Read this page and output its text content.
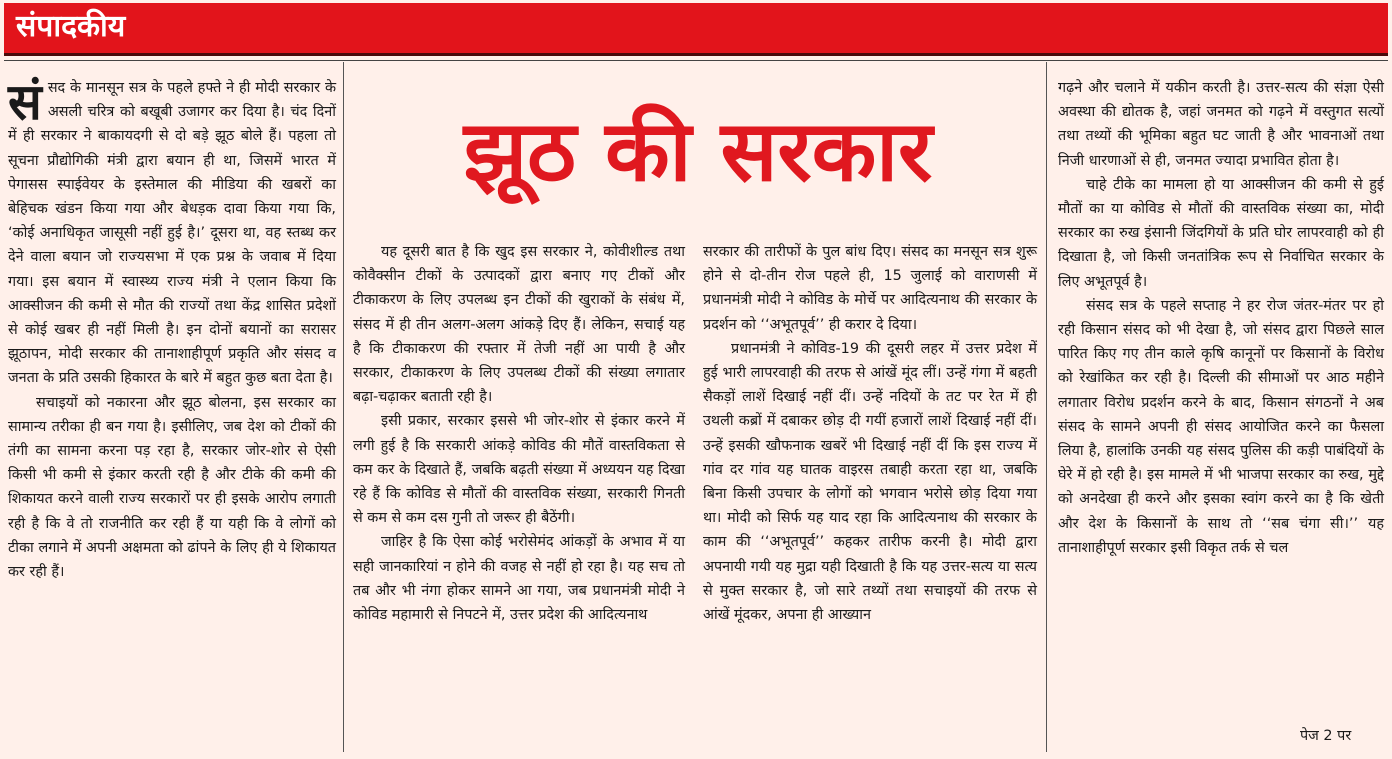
संपादकीय
झूठ की सरकार

संसद के मानसून सत्र के पहले हफ्ते ने ही मोदी सरकार के असली चरित्र को बखूबी उजागर कर दिया है। चंद दिनों में ही सरकार ने बाकायदगी से दो बड़े झूठ बोले हैं। पहला तो सूचना प्रौद्योगिकी मंत्री द्वारा बयान ही था, जिसमें भारत में पेगासस स्पाईवेयर के इस्तेमाल की मीडिया की खबरों का बेहिचक खंडन किया गया और बेधड़क दावा किया गया कि, ‘कोई अनाधिकृत जासूसी नहीं हुई है।’ दूसरा था, वह स्तब्ध कर देने वाला बयान जो राज्यसभा में एक प्रश्न के जवाब में दिया गया। इस बयान में स्वास्थ्य राज्य मंत्री ने एलान किया कि आक्सीजन की कमी से मौत की राज्यों तथा केंद्र शासित प्रदेशों से कोई खबर ही नहीं मिली है। इन दोनों बयानों का सरासर झूठापन, मोदी सरकार की तानाशाहीपूर्ण प्रकृति और संसद व जनता के प्रति उसकी हिकारत के बारे में बहुत कुछ बता देता है।

सचाइयों को नकारना और झूठ बोलना, इस सरकार का सामान्य तरीका ही बन गया है। इसीलिए, जब देश को टीकों की तंगी का सामना करना पड़ रहा है, सरकार जोर-शोर से ऐसी किसी भी कमी से इंकार करती रही है और टीके की कमी की शिकायत करने वाली राज्य सरकारों पर ही इसके आरोप लगाती रही है कि वे तो राजनीति कर रही हैं या यही कि वे लोगों को टीका लगाने में अपनी अक्षमता को ढांपने के लिए ही ये शिकायत कर रही हैं।

यह दूसरी बात है कि खुद इस सरकार ने, कोवीशील्ड तथा कोवैक्सीन टीकों के उत्पादकों द्वारा बनाए गए टीकों और टीकाकरण के लिए उपलब्ध इन टीकों की खुराकों के संबंध में, संसद में ही तीन अलग-अलग आंकड़े दिए हैं। लेकिन, सचाई यह है कि टीकाकरण की रफ्तार में तेजी नहीं आ पायी है और सरकार, टीकाकरण के लिए उपलब्ध टीकों की संख्या लगातार बढ़ा-चढ़ाकर बताती रही है।

इसी प्रकार, सरकार इससे भी जोर-शोर से इंकार करने में लगी हुई है कि सरकारी आंकड़े कोविड की मौतें वास्तविकता से कम कर के दिखाते हैं, जबकि बढ़ती संख्या में अध्ययन यह दिखा रहे हैं कि कोविड से मौतों की वास्तविक संख्या, सरकारी गिनती से कम से कम दस गुनी तो जरूर ही बैठेंगी।

जाहिर है कि ऐसा कोई भरोसेमंद आंकड़ों के अभाव में या सही जानकारियां न होने की वजह से नहीं हो रहा है। यह सच तो तब और भी नंगा होकर सामने आ गया, जब प्रधानमंत्री मोदी ने कोविड महामारी से निपटने में, उत्तर प्रदेश की आदित्यनाथ

सरकार की तारीफों के पुल बांध दिए। संसद का मनसून सत्र शुरू होने से दो-तीन रोज पहले ही, 15 जुलाई को वाराणसी में प्रधानमंत्री मोदी ने कोविड के मोर्चे पर आदित्यनाथ की सरकार के प्रदर्शन को ‘‘अभूतपूर्व’’ ही करार दे दिया।

प्रधानमंत्री ने कोविड-19 की दूसरी लहर में उत्तर प्रदेश में हुई भारी लापरवाही की तरफ से आंखें मूंद लीं। उन्हें गंगा में बहती सैकड़ों लाशें दिखाई नहीं दीं। उन्हें नदियों के तट पर रेत में ही उथली कब्रों में दबाकर छोड़ दी गयीं हजारों लाशें दिखाई नहीं दीं। उन्हें इसकी खौफनाक खबरें भी दिखाई नहीं दीं कि इस राज्य में गांव दर गांव यह घातक वाइरस तबाही करता रहा था, जबकि बिना किसी उपचार के लोगों को भगवान भरोसे छोड़ दिया गया था। मोदी को सिर्फ यह याद रहा कि आदित्यनाथ की सरकार के काम की ‘‘अभूतपूर्व’’ कहकर तारीफ करनी है। मोदी द्वारा अपनायी गयी यह मुद्रा यही दिखाती है कि यह उत्तर-सत्य या सत्य से मुक्त सरकार है, जो सारे तथ्यों तथा सचाइयों की तरफ से आंखें मूंदकर, अपना ही आख्यान

गढ़ने और चलाने में यकीन करती है। उत्तर-सत्य की संज्ञा ऐसी अवस्था की द्योतक है, जहां जनमत को गढ़ने में वस्तुगत सत्यों तथा तथ्यों की भूमिका बहुत घट जाती है और भावनाओं तथा निजी धारणाओं से ही, जनमत ज्यादा प्रभावित होता है।

चाहे टीके का मामला हो या आक्सीजन की कमी से हुई मौतों का या कोविड से मौतों की वास्तविक संख्या का, मोदी सरकार का रुख इंसानी जिंदगियों के प्रति घोर लापरवाही को ही दिखाता है, जो किसी जनतांत्रिक रूप से निर्वाचित सरकार के लिए अभूतपूर्व है।

संसद सत्र के पहले सप्ताह ने हर रोज जंतर-मंतर पर हो रही किसान संसद को भी देखा है, जो संसद द्वारा पिछले साल पारित किए गए तीन काले कृषि कानूनों पर किसानों के विरोध को रेखांकित कर रही है। दिल्ली की सीमाओं पर आठ महीने लगातार विरोध प्रदर्शन करने के बाद, किसान संगठनों ने अब संसद के सामने अपनी ही संसद आयोजित करने का फैसला लिया है, हालांकि उनकी यह संसद पुलिस की कड़ी पाबंदियों के घेरे में हो रही है। इस मामले में भी भाजपा सरकार का रुख, मुद्दे को अनदेखा ही करने और इसका स्वांग करने का है कि खेती और देश के किसानों के साथ तो ‘‘सब चंगा सी।’’ यह तानाशाहीपूर्ण सरकार इसी विकृत तर्क से चल

पेज 2 पर
